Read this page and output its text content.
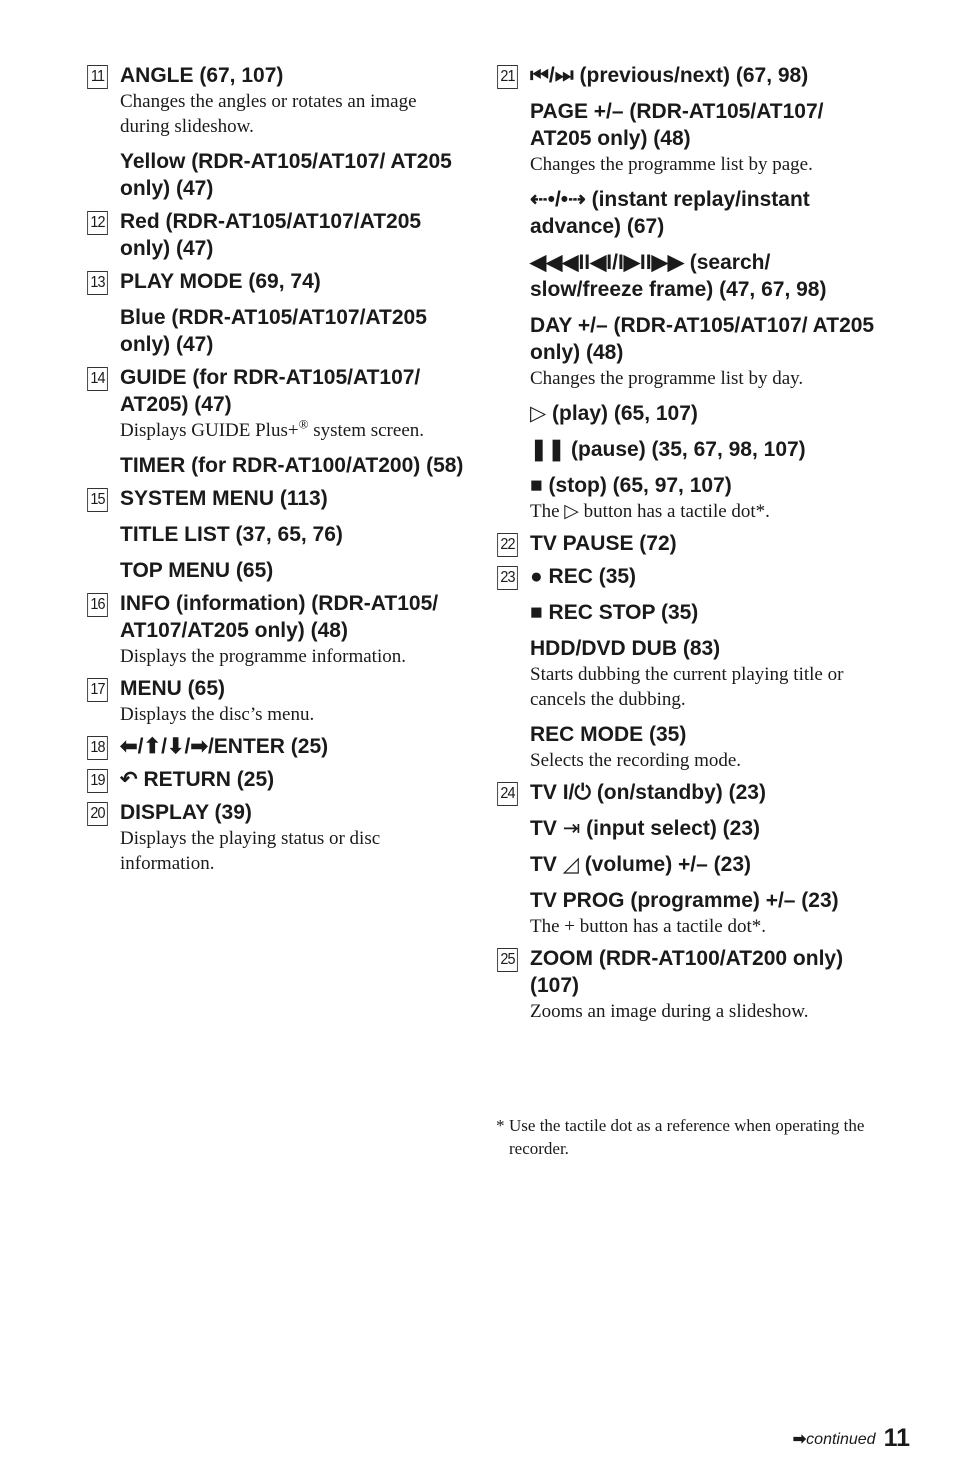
11 ANGLE (67, 107)
Changes the angles or rotates an image during slideshow.
Yellow (RDR-AT105/AT107/ AT205 only) (47)
12 Red (RDR-AT105/AT107/AT205 only) (47)
13 PLAY MODE (69, 74)
Blue (RDR-AT105/AT107/AT205 only) (47)
14 GUIDE (for RDR-AT105/AT107/ AT205) (47)
Displays GUIDE Plus+® system screen.
TIMER (for RDR-AT100/AT200) (58)
15 SYSTEM MENU (113)
TITLE LIST (37, 65, 76)
TOP MENU (65)
16 INFO (information) (RDR-AT105/ AT107/AT205 only) (48)
Displays the programme information.
17 MENU (65)
Displays the disc’s menu.
18 ⬅/⬆/⬇/➡/ENTER (25)
19 ↶ RETURN (25)
20 DISPLAY (39)
Displays the playing status or disc information.
21 ⏮/⏭ (previous/next) (67, 98)
PAGE +/– (RDR-AT105/AT107/ AT205 only) (48)
Changes the programme list by page.
⇠•/•⇢ (instant replay/instant advance) (67)
◀◀◀II◀I/I▶II▶▶ (search/ slow/freeze frame) (47, 67, 98)
DAY +/– (RDR-AT105/AT107/ AT205 only) (48)
Changes the programme list by day.
▷ (play) (65, 107)
❚❚ (pause) (35, 67, 98, 107)
■ (stop) (65, 97, 107)
The ▷ button has a tactile dot*.
22 TV PAUSE (72)
23 ● REC (35)
■ REC STOP (35)
HDD/DVD DUB (83)
Starts dubbing the current playing title or cancels the dubbing.
REC MODE (35)
Selects the recording mode.
24 TV I/⏻ (on/standby) (23)
TV ⇥ (input select) (23)
TV ◿ (volume) +/– (23)
TV PROG (programme) +/– (23)
The + button has a tactile dot*.
25 ZOOM (RDR-AT100/AT200 only) (107)
Zooms an image during a slideshow.
* Use the tactile dot as a reference when operating the recorder.
➡continued 11
